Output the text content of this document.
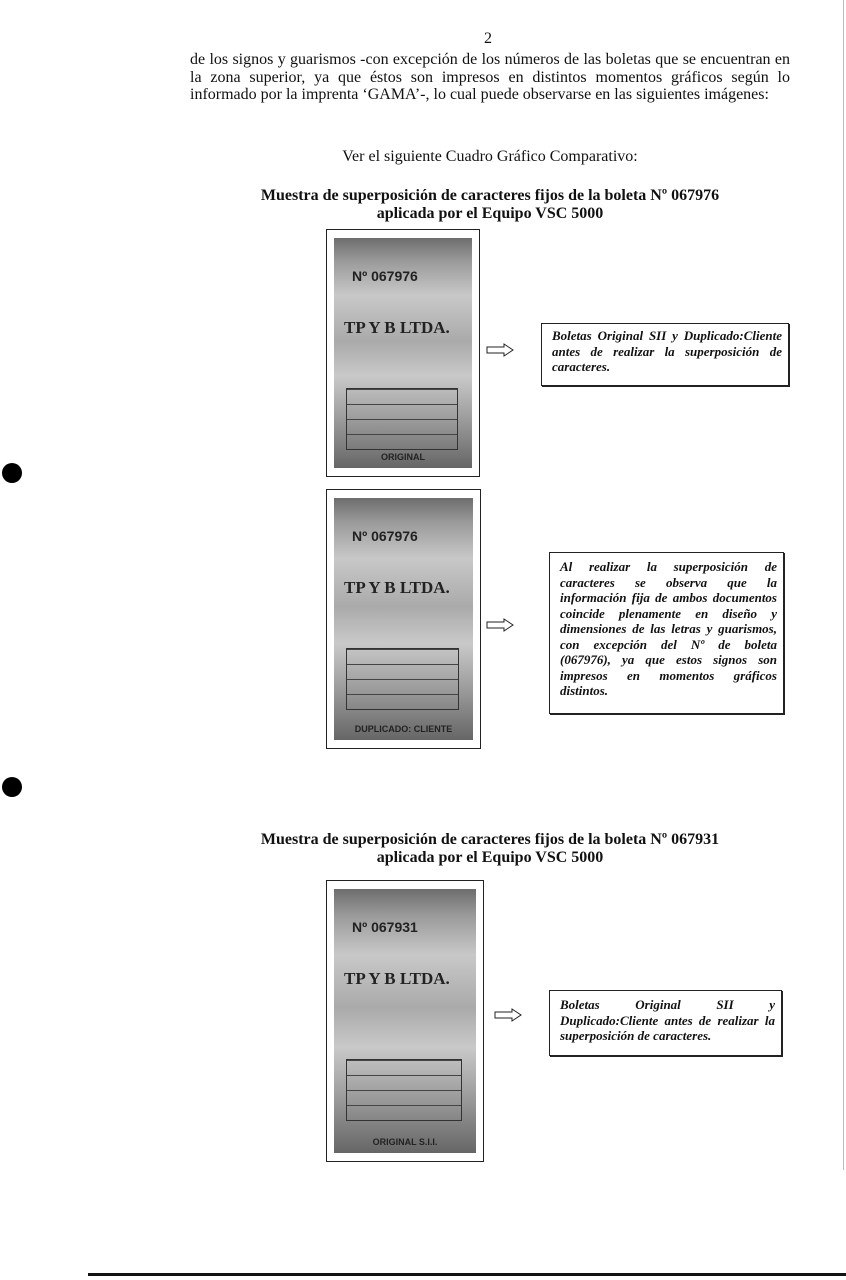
2
de los signos y guarismos -con excepción de los números de las boletas que se encuentran en la zona superior, ya que éstos son impresos en distintos momentos gráficos según lo informado por la imprenta ‘GAMA’-, lo cual puede observarse en las siguientes imágenes:
Ver el siguiente Cuadro Gráfico Comparativo:
Muestra de superposición de caracteres fijos de la boleta Nº 067976
aplicada por el Equipo VSC 5000
Nº 067976
TP Y B LTDA.
ORIGINAL
Boletas Original SII y Duplicado:Cliente antes de realizar la superposición de caracteres.
Nº 067976
TP Y B LTDA.
DUPLICADO: CLIENTE
Al realizar la superposición de caracteres se observa que la información fija de ambos documentos coincide plenamente en diseño y dimensiones de las letras y guarismos, con excepción del Nº de boleta (067976), ya que estos signos son impresos en momentos gráficos distintos.
Muestra de superposición de caracteres fijos de la boleta Nº 067931
aplicada por el Equipo VSC 5000
Nº 067931
TP Y B LTDA.
ORIGINAL S.I.I.
Boletas Original SII y Duplicado:Cliente antes de realizar la superposición de caracteres.
